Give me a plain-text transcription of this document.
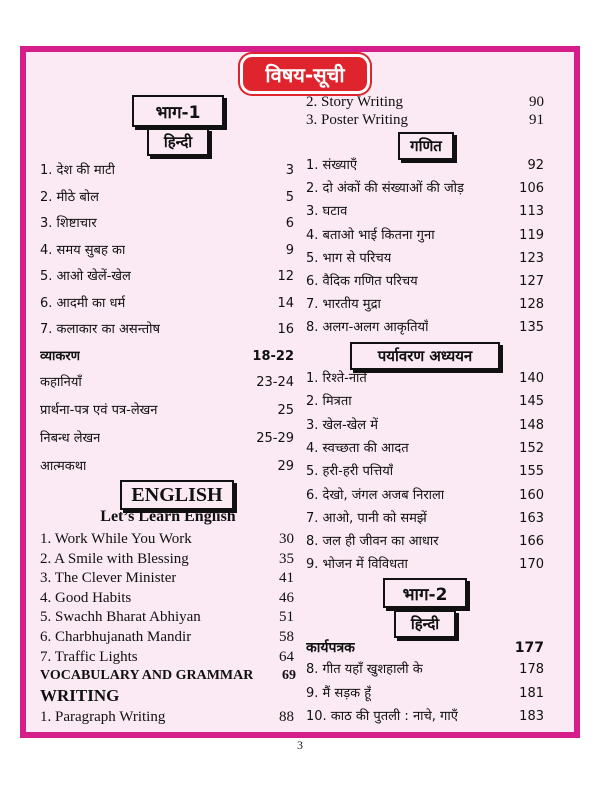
विषय-सूची
भाग-1
हिन्दी
1. देश की माटी	3
2. मीठे बोल	5
3. शिष्टाचार	6
4. समय सुबह का	9
5. आओ खेलें-खेल	12
6. आदमी का धर्म	14
7. कलाकार का असन्तोष	16
व्याकरण	18-22
कहानियाँ	23-24
प्रार्थना-पत्र एवं पत्र-लेखन	25
निबन्ध लेखन	25-29
आत्मकथा	29
ENGLISH
Let’s Learn English
1. Work While You Work	30
2. A Smile with Blessing	35
3. The Clever Minister	41
4. Good Habits	46
5. Swachh Bharat Abhiyan	51
6. Charbhujanath Mandir	58
7. Traffic Lights	64
VOCABULARY AND GRAMMAR 69
WRITING
1. Paragraph Writing	88
2. Story Writing	90
3. Poster Writing	91
गणित
1. संख्याएँ	92
2. दो अंकों की संख्याओं की जोड़	106
3. घटाव	113
4. बताओ भाई कितना गुना	119
5. भाग से परिचय	123
6. वैदिक गणित परिचय	127
7. भारतीय मुद्रा	128
8. अलग-अलग आकृतियाँ	135
पर्यावरण अध्ययन
1. रिश्ते-नाते	140
2. मित्रता	145
3. खेल-खेल में	148
4. स्वच्छता की आदत	152
5. हरी-हरी पत्तियाँ	155
6. देखो, जंगल अजब निराला	160
7. आओ, पानी को समझें	163
8. जल ही जीवन का आधार	166
9. भोजन में विविधता	170
भाग-2
हिन्दी
कार्यपत्रक	177
8. गीत यहाँ खुशहाली के	178
9. मैं सड़क हूँ	181
10. काठ की पुतली : नाचे, गाएँ	183
3
